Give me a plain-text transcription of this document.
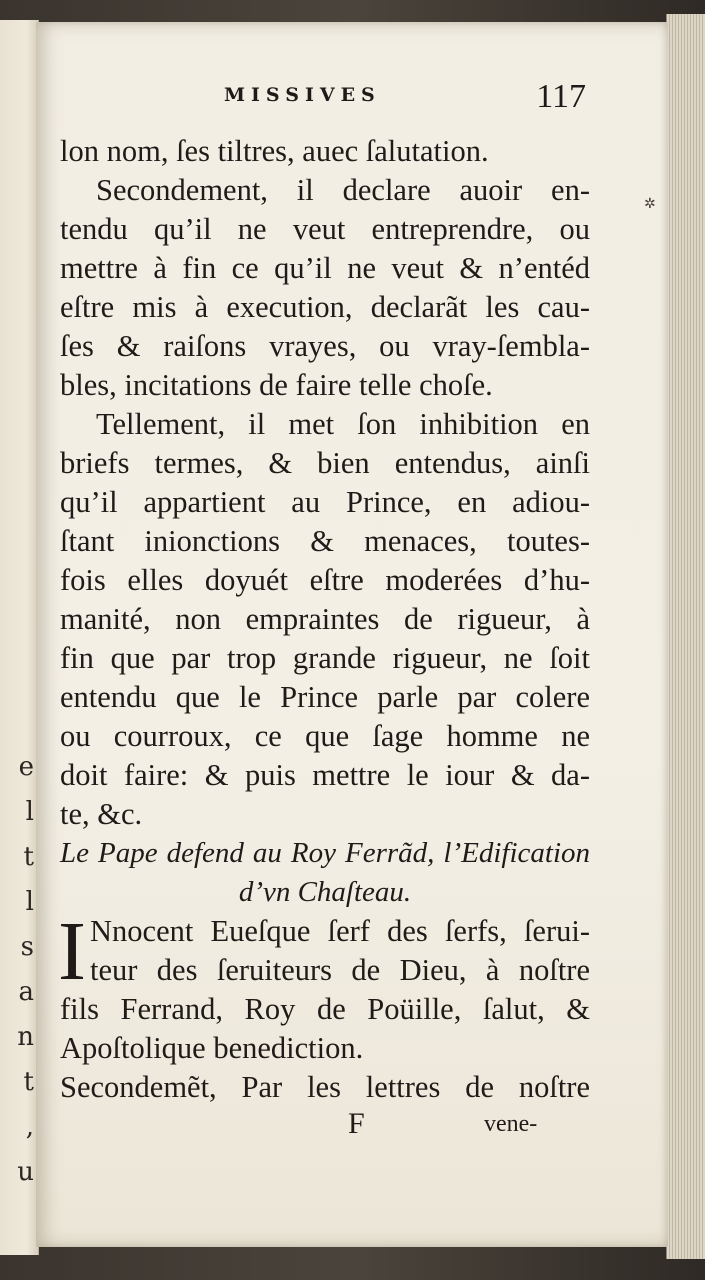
e
l
t
l
s
a
n
t
,
u
MISSIVES	117
✲
lon nom, ſes tiltres, auec ſalutation.
Secondement, il declare auoir en-
tendu qu’il ne veut entreprendre, ou
mettre à fin ce qu’il ne veut & n’entéd
eſtre mis à execution, declarãt les cau-
ſes & raiſons vrayes, ou vray-ſembla-
bles, incitations de faire telle choſe.
Tellement, il met ſon inhibition en
briefs termes, & bien entendus, ainſi
qu’il appartient au Prince, en adiou-
ſtant inionctions & menaces, toutes-
fois elles doyuét eſtre moderées d’hu-
manité, non empraintes de rigueur, à
fin que par trop grande rigueur, ne ſoit
entendu que le Prince parle par colere
ou courroux, ce que ſage homme ne
doit faire: & puis mettre le iour & da-
te, &c.
Le Pape defend au Roy Ferrãd, l’Edification
d’vn Chaſteau.
I Nnocent Eueſque ſerf des ſerfs, ſerui-
teur des ſeruiteurs de Dieu, à noſtre
fils Ferrand, Roy de Poüille, ſalut, &
Apoſtolique benediction.
Secondemẽt, Par les lettres de noſtre
F	vene-
